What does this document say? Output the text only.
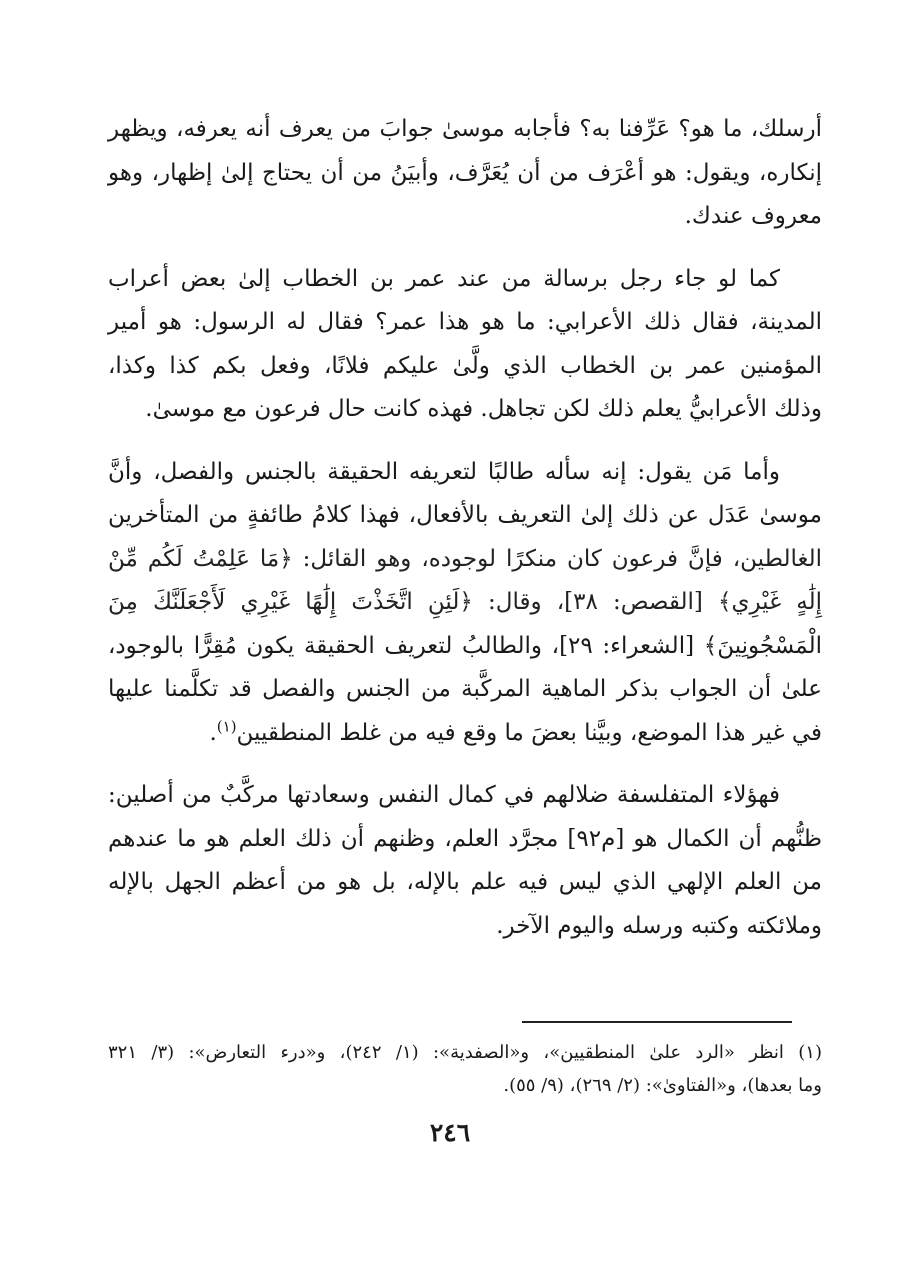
أرسلك، ما هو؟ عَرِّفنا به؟ فأجابه موسىٰ جوابَ من يعرف أنه يعرفه، ويظهر
إنكاره، ويقول: هو أعْرَف من أن يُعَرَّف، وأبيَنُ من أن يحتاج إلىٰ إظهار، وهو
معروف عندك.

كما لو جاء رجل برسالة من عند عمر بن الخطاب إلىٰ بعض أعراب
المدينة، فقال ذلك الأعرابي: ما هو هذا عمر؟ فقال له الرسول: هو أمير
المؤمنين عمر بن الخطاب الذي ولَّىٰ عليكم فلانًا، وفعل بكم كذا وكذا،
وذلك الأعرابيُّ يعلم ذلك لكن تجاهل. فهذه كانت حال فرعون مع موسىٰ.

وأما مَن يقول: إنه سأله طالبًا لتعريفه الحقيقة بالجنس والفصل، وأنَّ
موسىٰ عَدَل عن ذلك إلىٰ التعريف بالأفعال، فهذا كلامُ طائفةٍ من المتأخرين
الغالطين، فإنَّ فرعون كان منكرًا لوجوده، وهو القائل: ﴿مَا عَلِمْتُ لَكُم مِّنْ
إِلَٰهٍ غَيْرِي﴾ [القصص: ٣٨]، وقال: ﴿لَئِنِ اتَّخَذْتَ إِلَٰهًا غَيْرِي لَأَجْعَلَنَّكَ مِنَ
الْمَسْجُونِينَ﴾ [الشعراء: ٢٩]، والطالبُ لتعريف الحقيقة يكون مُقِرًّا بالوجود،
علىٰ أن الجواب بذكر الماهية المركَّبة من الجنس والفصل قد تكلَّمنا عليها
في غير هذا الموضع، وبيَّنا بعضَ ما وقع فيه من غلط المنطقيين$^{(١)}$.

فهؤلاء المتفلسفة ضلالهم في كمال النفس وسعادتها مركَّبٌ من أصلين:
ظنُّهم أن الكمال هو [م٩٢] مجرَّد العلم، وظنهم أن ذلك العلم هو ما عندهم
من العلم الإلهي الذي ليس فيه علم بالإله، بل هو من أعظم الجهل بالإله
وملائكته وكتبه ورسله واليوم الآخر.

(١) انظر «الرد علىٰ المنطقيين»، و«الصفدية»: (١/ ٢٤٢)، و«درء التعارض»: (٣/ ٣٢١
وما بعدها)، و«الفتاوىٰ»: (٢/ ٢٦٩)، (٩/ ٥٥).
٢٤٦
